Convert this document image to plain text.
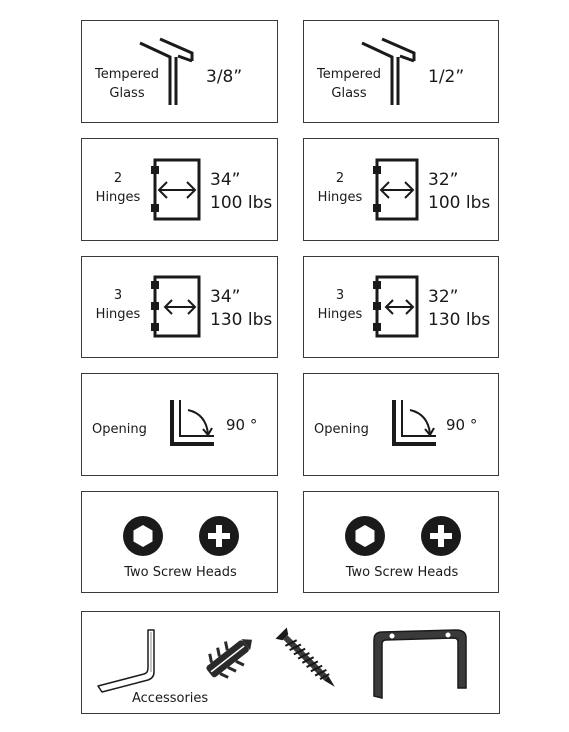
Tempered
Glass
3/8”	Tempered
Glass
1/2”
2
Hinges
34”
100 lbs
2
Hinges
32”
100 lbs
3
Hinges
34”
130 lbs
3
Hinges
32”
130 lbs
Opening	90 °	Opening	90 °
Two Screw Heads	Two Screw Heads
Accessories
